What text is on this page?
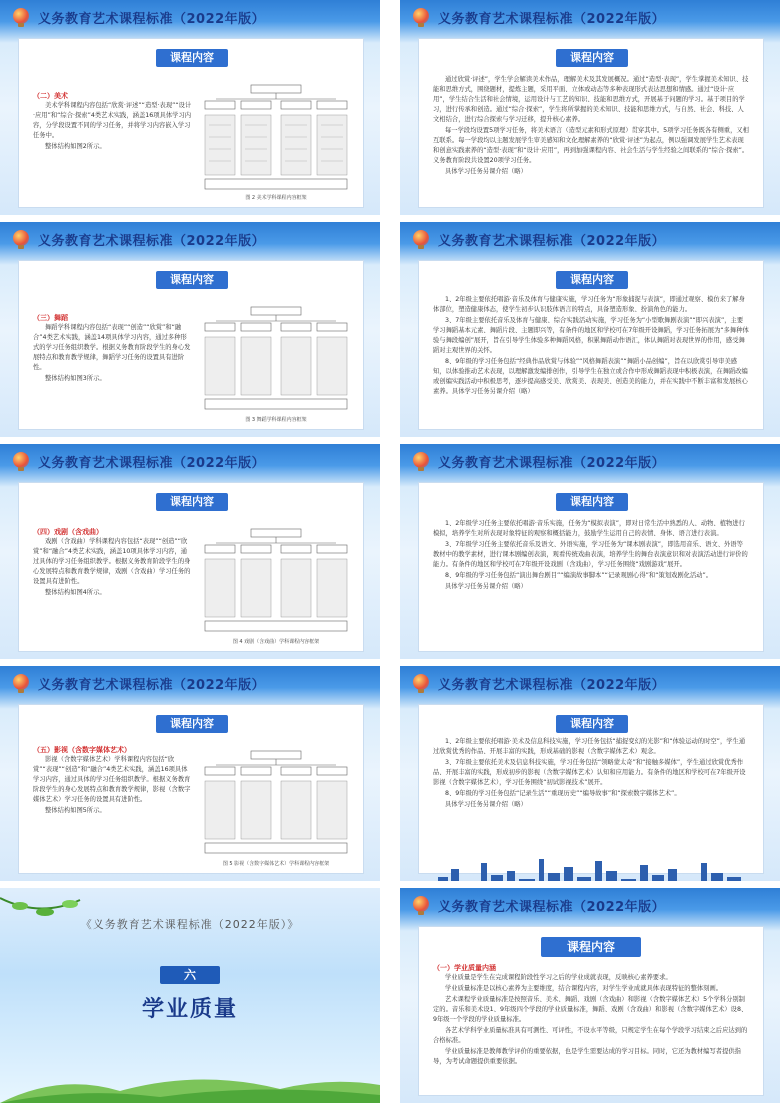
义务教育艺术课程标准（2022年版）
课程内容
（二）美术

美术学科课程内容包括“欣赏·评述”“造型·表现”“设计·应用”和“综合·探索”4类艺术实践，涵盖16项具体学习内容，分学段设置不同的学习任务，并将学习内容嵌入学习任务中。

整体结构如图2所示。

图 2 美术学科课程内容框架
义务教育艺术课程标准（2022年版）
课程内容

通过欣赏·评述”，学生学会解读美术作品，理解美术及其发展概况。通过“造型·表现”，学生掌握美术知识、技能和思维方式，围绕题材，提炼主题，采用平面、立体或动态等多种表现形式表达思想和情感。通过“设计·应用”，学生结合生活和社会情境，运用设计与工艺的知识、技能和思维方式，开展基于问题的学习。基于项目的学习，进行传承和创造。通过“综合·探索”，学生将所掌握的美术知识、技能和思维方式，与自然、社会、科技、人文相结合，进行综合探索与学习迁移，提升核心素养。

每一学段均设置5项学习任务，将美术语言（造型元素和形式原理）贯穿其中。5项学习任务既各有侧重，又相互联系。每一学段均以主题发展学生审美感知和文化理解素养的“欣赏·评述”为起点，例以强调发展学生艺术表现和创意实践素养的“造型·表现”和“设计·应用”，再到加强课程内容、社会生活与学生经验之间联系的“综合·探索”。义务教育阶段共设置20项学习任务。

具体学习任务另课介绍（略）

义务教育艺术课程标准（2022年版）
课程内容
（三）舞蹈

舞蹈学科课程内容包括“表现”“创造”“欣赏”和“融合”4类艺术实践，涵盖14项具体学习内容，通过多种形式的学习任务组织教学。根据义务教育阶段学生的身心发展特点和教育教学规律，舞蹈学习任务的设置具有进阶性。

整体结构如图3所示。

图 3 舞蹈学科课程内容框架
义务教育艺术课程标准（2022年版）
课程内容

1、2年级主要依托唱游·音乐及体育与健康实施，学习任务为“形象捕捉与表演”，即通过观察、模仿来了解身体部位，塑造健康体态，使学生初步认识肢体语言的特点，具备塑造形象、扮演角色的能力。

3、7年级主要依托音乐及体育与健康、综合实践活动实施，学习任务为“小型歌舞剧表演”“即兴表演”，主要学习舞蹈基本元素、舞蹈片段、主题即兴等，有条件的地区和学校可在7年级开设舞蹈，学习任务拓展为“多舞种体验与舞段编创”展开，旨在引导学生体验多种舞蹈风格，积累舞蹈动作语汇，体认舞蹈对表现世界的作用，感受舞蹈对主观世界的关怀。

8、9年级的学习任务包括“经典作品欣赏与体验”“风格舞蹈表演”“舞蹈小品创编”，旨在以欣赏引导审美感知，以体验推动艺术表现，以理解激发编排创作，引导学生在独立或合作中形成舞蹈表现中积极表演，在舞蹈改编或创编实践活动中积极思考，逐步提高感受美、欣赏美、表现美、创造美的能力，并在实践中不断丰富和发展核心素养。具体学习任务另课介绍（略）

义务教育艺术课程标准（2022年版）
课程内容
（四）戏剧（含戏曲）

戏剧（含戏曲）学科课程内容包括“表现”“创造”“欣赏”和“融合”4类艺术实践，涵盖10项具体学习内容，通过具体的学习任务组织教学。根据义务教育阶段学生的身心发展特点和教育教学规律，戏剧（含戏曲）学习任务的设置具有进阶性。

整体结构如图4所示。

图 4 戏剧（含戏曲）学科课程内容框架
义务教育艺术课程标准（2022年版）
课程内容

1、2年级学习任务主要依托唱游·音乐实施，任务为“模拟表演”，即对日常生活中熟悉的人、动物、植物进行模拟，培养学生对所表现对象特征的观察和概括能力，鼓励学生运用自己的表情、身体、语言进行表演。

3、7年级学习任务主要依托音乐及语文、外语实施，学习任务为“课本剧表演”，即选用音乐、语文、外语等教材中的教学素材，进行课本剧编创表演，观看传统戏曲表演，培养学生的舞台表演意识和对表演活动进行评价的能力。有条件的地区和学校可在7年级开设戏剧（含戏曲），学习任务围绕“戏剧游戏”展开。

8、9年级的学习任务包括“演出舞台剧目”“编演故事脚本”“记录观剧心得”和“策划戏剧化活动”。

具体学习任务另课介绍（略）

义务教育艺术课程标准（2022年版）
课程内容
（五）影视（含数字媒体艺术）

影视（含数字媒体艺术）学科课程内容包括“欣赏”“表现”“创造”和“融合”4类艺术实践，涵盖16项具体学习内容，通过具体的学习任务组织教学。根据义务教育阶段学生的身心发展特点和教育教学规律，影视（含数字媒体艺术）学习任务的设置具有进阶性。

整体结构如图5所示。

图 5 影视（含数字媒体艺术）学科课程内容框架
义务教育艺术课程标准（2022年版）
课程内容

1、2年级主要依托唱游·美术及信息科技实施，学习任务包括“捕捉变幻的光影”和“体验运动的时空”，学生通过欣赏优秀的作品、开展丰富的实践，形成基础的影视（含数字媒体艺术）观念。

3、7年级主要依托美术及信息科技实施，学习任务包括“领略蒙太奇”和“接触多媒体”，学生通过欣赏优秀作品、开展丰富的实践，形成初步的影视（含数字媒体艺术）认知和应用能力。有条件的地区和学校可在7年级开设影视（含数字媒体艺术），学习任务围绕“初试影视技术”展开。

8、9年级的学习任务包括“记录生活”“重现历史”“编导故事”和“探索数字媒体艺术”。

具体学习任务另课介绍（略）

《义务教育艺术课程标准（2022年版）》
六
学业质量
义务教育艺术课程标准（2022年版）
课程内容
（一）学业质量内涵

学业质量是学生在完成课程阶段性学习之后的学业成就表现，反映核心素养要求。

学业质量标准是以核心素养为主要维度，结合课程内容，对学生学业成就具体表现特征的整体刻画。

艺术课程学业质量标准是按照音乐、美术、舞蹈、戏剧（含戏曲）和影视（含数字媒体艺术）5个学科分别制定的。音乐和美术设1、9年级四个学段的学业质量标准，舞蹈、戏剧（含戏曲）和影视（含数字媒体艺术）设8、9年级一个学段的学业质量标准。

各艺术学科学业质量标准具有可测性、可评性，不设水平等级，只规定学生在每个学段学习结束之后应达到的合格标准。

学业质量标准是教师教学评价的重要依据，也是学生需要达成的学习目标。同时，它还为教材编写者提供指导，为考试命题提供重要依据。
